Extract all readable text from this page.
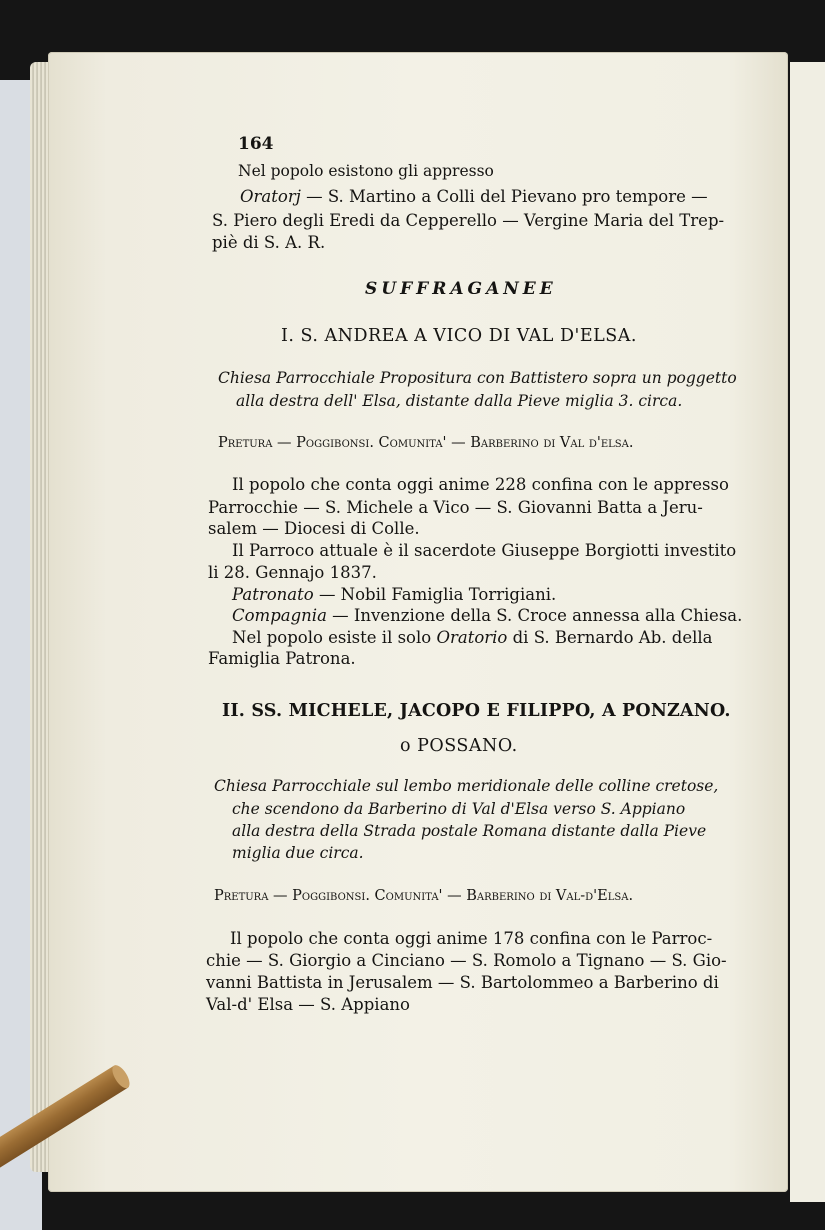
164
Nel popolo esistono gli appresso
Oratorj — S. Martino a Colli del Pievano pro tempore —
S. Piero degli Eredi da Cepperello — Vergine Maria del Trep-
piè di S. A. R.
SUFFRAGANEE
I. S. ANDREA A VICO DI VAL D'ELSA.
Chiesa Parrocchiale Propositura con Battistero sopra un poggetto
alla destra dell' Elsa, distante dalla Pieve miglia 3. circa.
Pretura — Poggibonsi. Comunita' — Barberino di Val d'elsa.
Il popolo che conta oggi anime 228 confina con le appresso
Parrocchie — S. Michele a Vico — S. Giovanni Batta a Jeru-
salem — Diocesi di Colle.
Il Parroco attuale è il sacerdote Giuseppe Borgiotti investito
li 28. Gennajo 1837.
Patronato — Nobil Famiglia Torrigiani.
Compagnia — Invenzione della S. Croce annessa alla Chiesa.
Nel popolo esiste il solo Oratorio di S. Bernardo Ab. della
Famiglia Patrona.
II. SS. MICHELE, JACOPO E FILIPPO, A PONZANO.
o POSSANO.
Chiesa Parrocchiale sul lembo meridionale delle colline cretose,
che scendono da Barberino di Val d'Elsa verso S. Appiano
alla destra della Strada postale Romana distante dalla Pieve
miglia due circa.
Pretura — Poggibonsi. Comunita' — Barberino di Val-d'Elsa.
Il popolo che conta oggi anime 178 confina con le Parroc-
chie — S. Giorgio a Cinciano — S. Romolo a Tignano — S. Gio-
vanni Battista in Jerusalem — S. Bartolommeo a Barberino di
Val-d' Elsa — S. Appiano
